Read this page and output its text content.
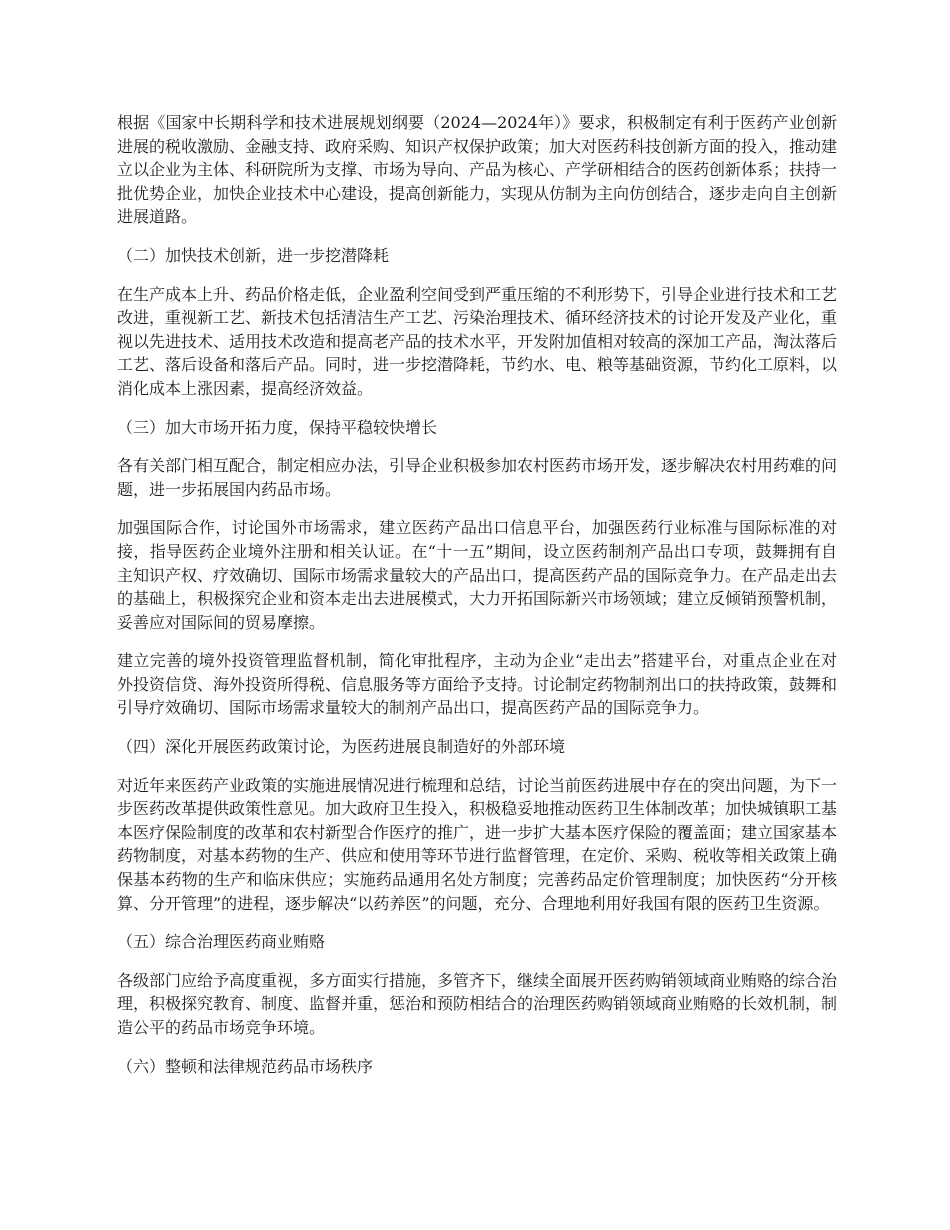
根据《国家中长期科学和技术进展规划纲要（2024—2024年）》要求，积极制定有利于医药产业创新进展的税收激励、金融支持、政府采购、知识产权保护政策；加大对医药科技创新方面的投入，推动建立以企业为主体、科研院所为支撑、市场为导向、产品为核心、产学研相结合的医药创新体系；扶持一批优势企业，加快企业技术中心建设，提高创新能力，实现从仿制为主向仿创结合，逐步走向自主创新进展道路。

（二）加快技术创新，进一步挖潜降耗

在生产成本上升、药品价格走低，企业盈利空间受到严重压缩的不利形势下，引导企业进行技术和工艺改进，重视新工艺、新技术包括清洁生产工艺、污染治理技术、循环经济技术的讨论开发及产业化，重视以先进技术、适用技术改造和提高老产品的技术水平，开发附加值相对较高的深加工产品，淘汰落后工艺、落后设备和落后产品。同时，进一步挖潜降耗，节约水、电、粮等基础资源，节约化工原料，以消化成本上涨因素，提高经济效益。

（三）加大市场开拓力度，保持平稳较快增长

各有关部门相互配合，制定相应办法，引导企业积极参加农村医药市场开发，逐步解决农村用药难的问题，进一步拓展国内药品市场。

加强国际合作，讨论国外市场需求，建立医药产品出口信息平台，加强医药行业标准与国际标准的对接，指导医药企业境外注册和相关认证。在“十一五”期间，设立医药制剂产品出口专项，鼓舞拥有自主知识产权、疗效确切、国际市场需求量较大的产品出口，提高医药产品的国际竞争力。在产品走出去的基础上，积极探究企业和资本走出去进展模式，大力开拓国际新兴市场领域；建立反倾销预警机制，妥善应对国际间的贸易摩擦。

建立完善的境外投资管理监督机制，简化审批程序，主动为企业“走出去”搭建平台，对重点企业在对外投资信贷、海外投资所得税、信息服务等方面给予支持。讨论制定药物制剂出口的扶持政策，鼓舞和引导疗效确切、国际市场需求量较大的制剂产品出口，提高医药产品的国际竞争力。

（四）深化开展医药政策讨论，为医药进展良制造好的外部环境

对近年来医药产业政策的实施进展情况进行梳理和总结，讨论当前医药进展中存在的突出问题，为下一步医药改革提供政策性意见。加大政府卫生投入，积极稳妥地推动医药卫生体制改革；加快城镇职工基本医疗保险制度的改革和农村新型合作医疗的推广，进一步扩大基本医疗保险的覆盖面；建立国家基本药物制度，对基本药物的生产、供应和使用等环节进行监督管理，在定价、采购、税收等相关政策上确保基本药物的生产和临床供应；实施药品通用名处方制度；完善药品定价管理制度；加快医药“分开核算、分开管理”的进程，逐步解决“以药养医”的问题，充分、合理地利用好我国有限的医药卫生资源。

（五）综合治理医药商业贿赂

各级部门应给予高度重视，多方面实行措施，多管齐下，继续全面展开医药购销领域商业贿赂的综合治理，积极探究教育、制度、监督并重，惩治和预防相结合的治理医药购销领域商业贿赂的长效机制，制造公平的药品市场竞争环境。

（六）整顿和法律规范药品市场秩序
